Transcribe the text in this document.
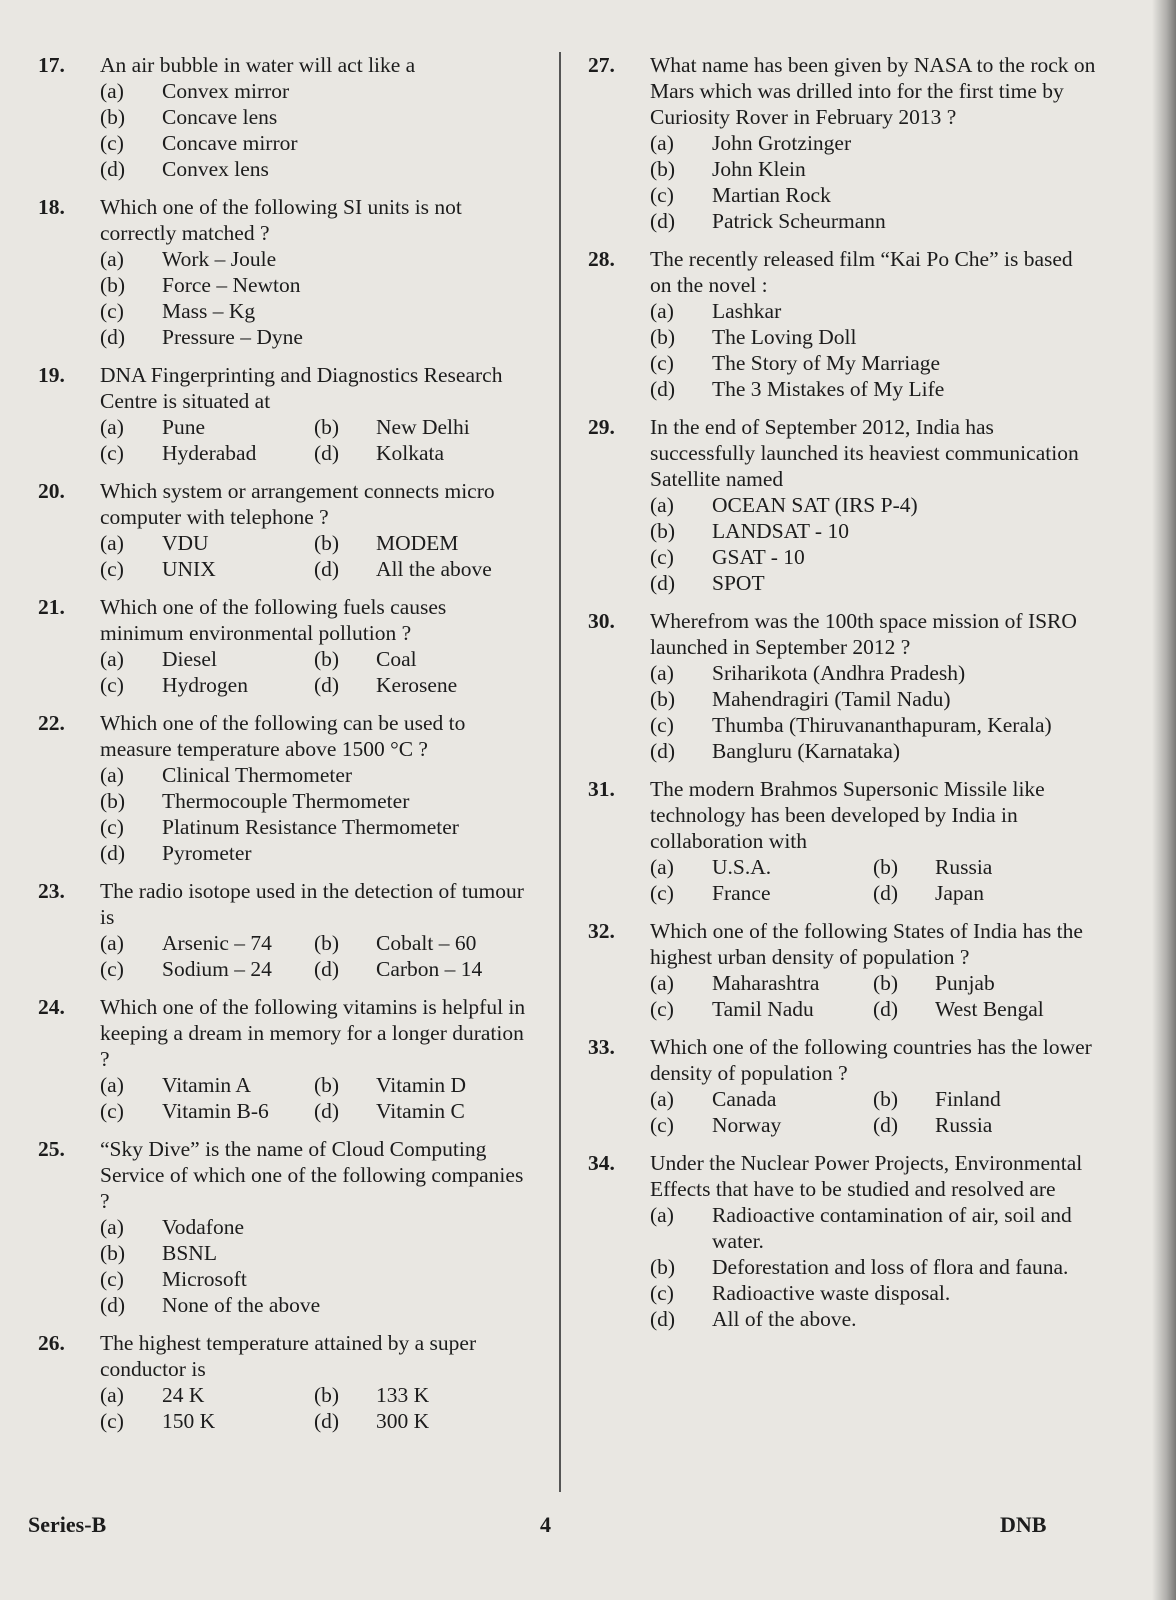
17. An air bubble in water will act like a
(a)	Convex mirror
(b)	Concave lens
(c)	Concave mirror
(d)	Convex lens
18. Which one of the following SI units is not correctly matched ?
(a)	Work – Joule
(b)	Force – Newton
(c)	Mass – Kg
(d)	Pressure – Dyne
19. DNA Fingerprinting and Diagnostics Research Centre is situated at
(a)	Pune	(b)	New Delhi
(c)	Hyderabad	(d)	Kolkata
20. Which system or arrangement connects micro computer with telephone ?
(a)	VDU	(b)	MODEM
(c)	UNIX	(d)	All the above
21. Which one of the following fuels causes minimum environmental pollution ?
(a)	Diesel	(b)	Coal
(c)	Hydrogen	(d)	Kerosene
22. Which one of the following can be used to measure temperature above 1500 °C ?
(a)	Clinical Thermometer
(b)	Thermocouple Thermometer
(c)	Platinum Resistance Thermometer
(d)	Pyrometer
23. The radio isotope used in the detection of tumour is
(a)	Arsenic – 74	(b)	Cobalt – 60
(c)	Sodium – 24	(d)	Carbon – 14
24. Which one of the following vitamins is helpful in keeping a dream in memory for a longer duration ?
(a)	Vitamin A	(b)	Vitamin D
(c)	Vitamin B-6	(d)	Vitamin C
25. “Sky Dive” is the name of Cloud Computing Service of which one of the following companies ?
(a)	Vodafone
(b)	BSNL
(c)	Microsoft
(d)	None of the above
26. The highest temperature attained by a super conductor is
(a)	24 K	(b)	133 K
(c)	150 K	(d)	300 K
27. What name has been given by NASA to the rock on Mars which was drilled into for the first time by Curiosity Rover in February 2013 ?
(a)	John Grotzinger
(b)	John Klein
(c)	Martian Rock
(d)	Patrick Scheurmann
28. The recently released film “Kai Po Che” is based on the novel :
(a)	Lashkar
(b)	The Loving Doll
(c)	The Story of My Marriage
(d)	The 3 Mistakes of My Life
29. In the end of September 2012, India has successfully launched its heaviest communication Satellite named
(a)	OCEAN SAT (IRS P-4)
(b)	LANDSAT - 10
(c)	GSAT - 10
(d)	SPOT
30. Wherefrom was the 100th space mission of ISRO launched in September 2012 ?
(a)	Sriharikota (Andhra Pradesh)
(b)	Mahendragiri (Tamil Nadu)
(c)	Thumba (Thiruvananthapuram, Kerala)
(d)	Bangluru (Karnataka)
31. The modern Brahmos Supersonic Missile like technology has been developed by India in collaboration with
(a)	U.S.A.	(b)	Russia
(c)	France	(d)	Japan
32. Which one of the following States of India has the highest urban density of population ?
(a)	Maharashtra	(b)	Punjab
(c)	Tamil Nadu	(d)	West Bengal
33. Which one of the following countries has the lower density of population ?
(a)	Canada	(b)	Finland
(c)	Norway	(d)	Russia
34. Under the Nuclear Power Projects, Environmental Effects that have to be studied and resolved are
(a)	Radioactive contamination of air, soil and water.
(b)	Deforestation and loss of flora and fauna.
(c)	Radioactive waste disposal.
(d)	All of the above.
Series-B	4	DNB
